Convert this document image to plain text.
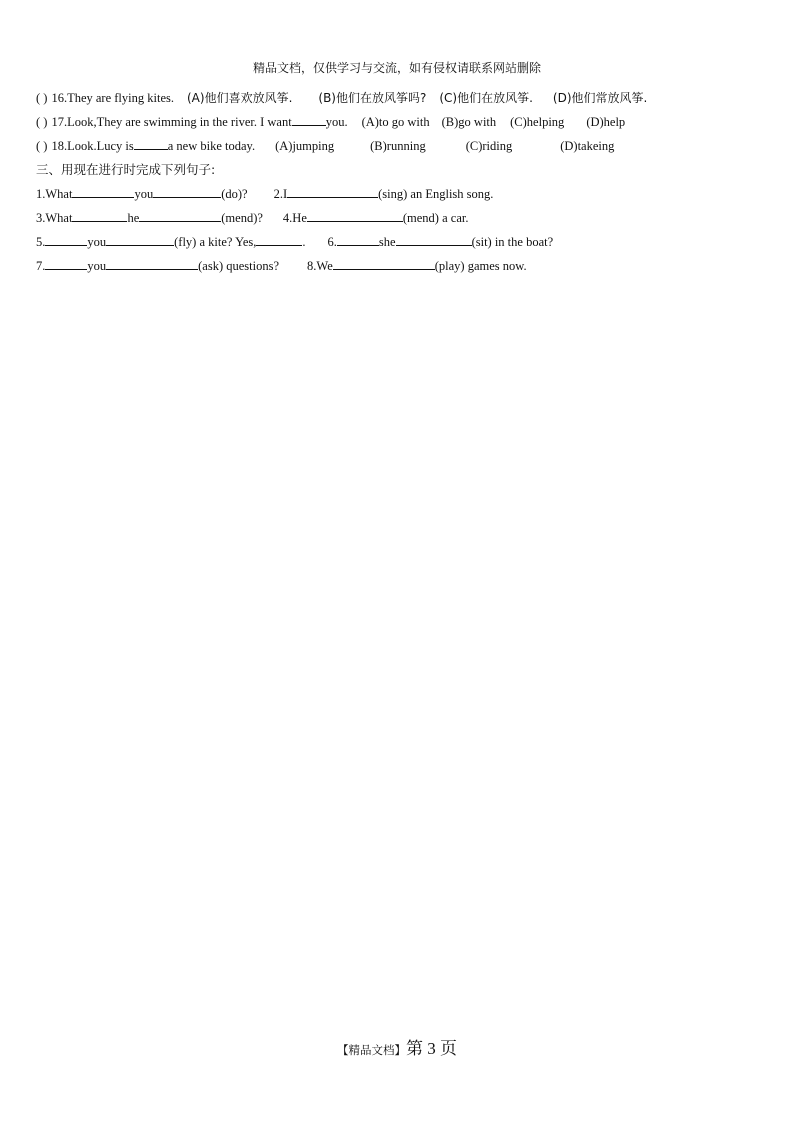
精品文档，仅供学习与交流，如有侵权请联系网站删除
( ) 16.They are flying kites. (A)他们喜欢放风筝. (B)他们在放风筝吗? (C)他们在放风筝. (D)他们常放风筝.
( ) 17.Look,They are swimming in the river. I want	you. (A)to go with (B)go with (C)helping (D)help
( ) 18.Look.Lucy is	a new bike today. (A)jumping	(B)running	(C)riding	(D)takeing
三、用现在进行时完成下列句子:
1.What	you	(do)? 2.I	(sing) an English song.
3.What	he	(mend)? 4.He	(mend) a car.
5.	you	(fly) a kite? Yes,	. 6.	she	(sit) in the boat?
7.	you	(ask) questions? 8.We	(play) games now.
【精品文档】第 3 页
